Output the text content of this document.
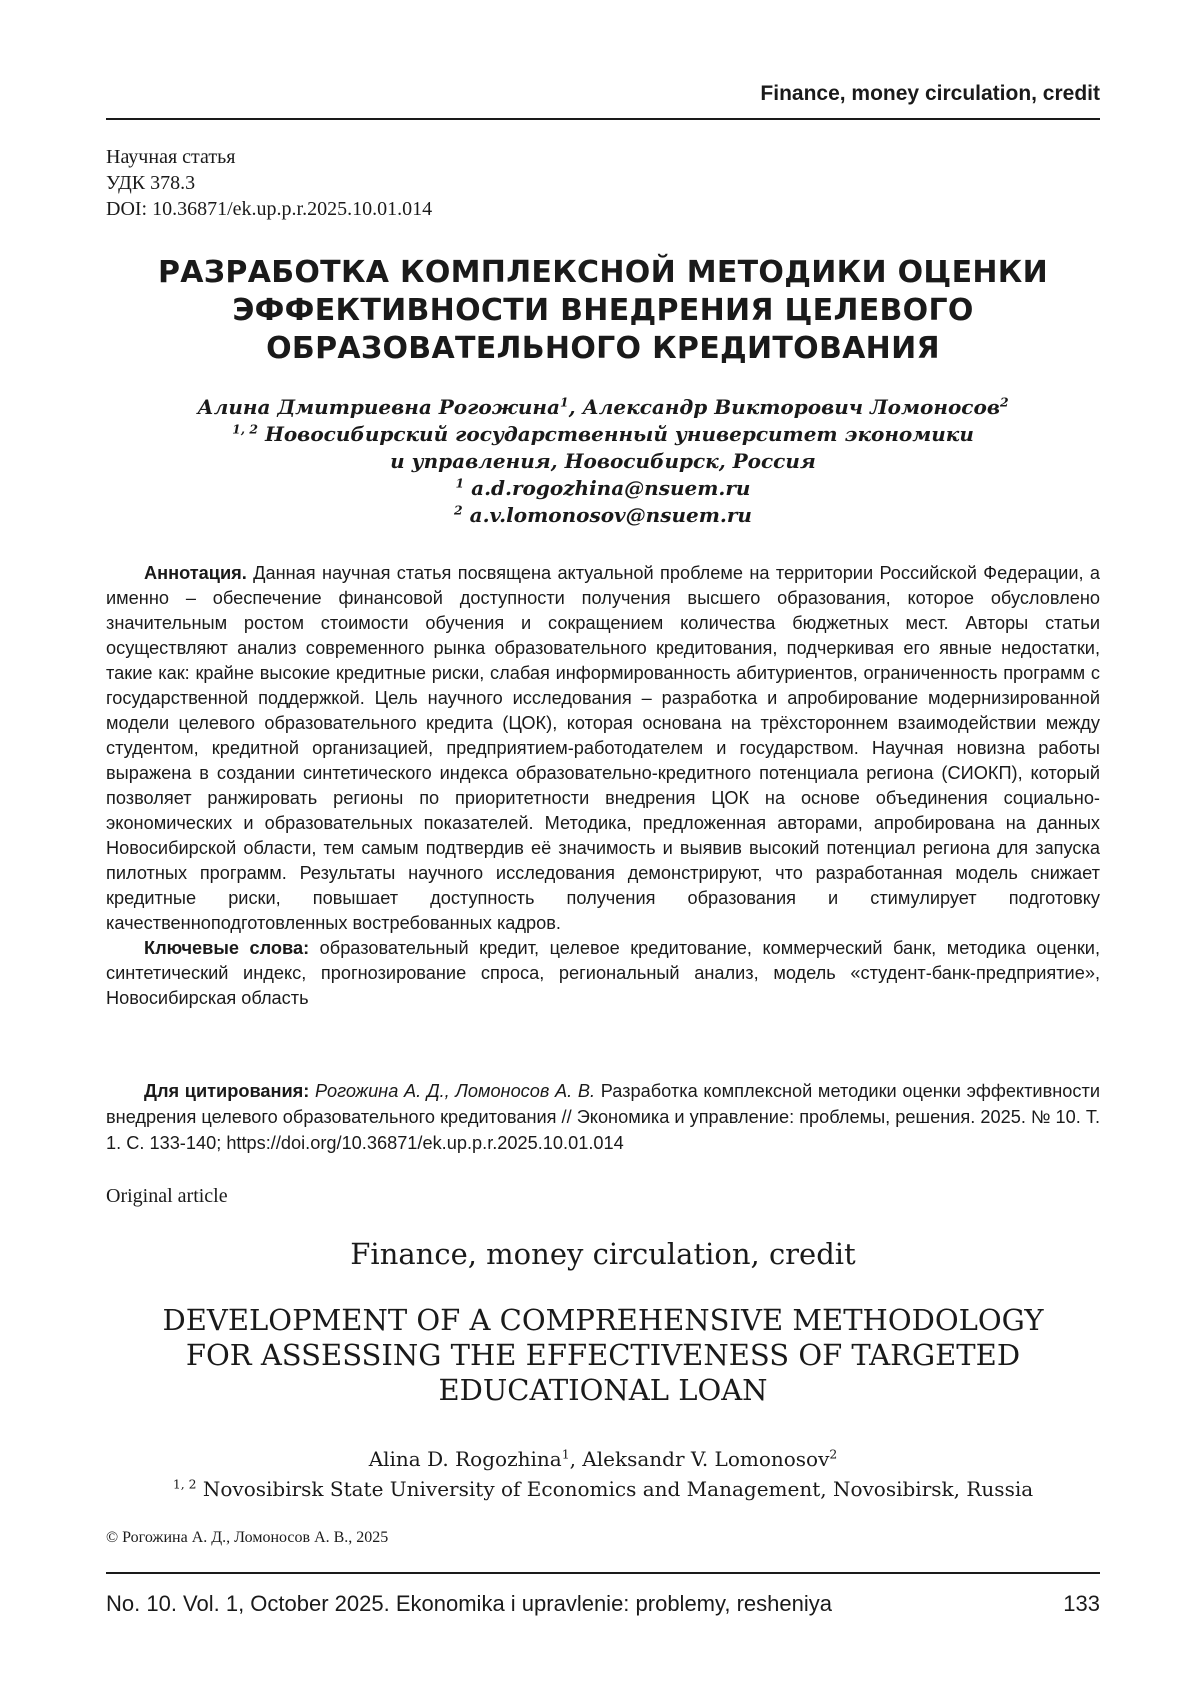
Finance, money circulation, credit
Научная статья
УДК 378.3
DOI: 10.36871/ek.up.p.r.2025.10.01.014
РАЗРАБОТКА КОМПЛЕКСНОЙ МЕТОДИКИ ОЦЕНКИ
ЭФФЕКТИВНОСТИ ВНЕДРЕНИЯ ЦЕЛЕВОГО
ОБРАЗОВАТЕЛЬНОГО КРЕДИТОВАНИЯ
Алина Дмитриевна Рогожина1, Александр Викторович Ломоносов2
1, 2 Новосибирский государственный университет экономики
и управления, Новосибирск, Россия
1 a.d.rogozhina@nsuem.ru
2 a.v.lomonosov@nsuem.ru

Аннотация. Данная научная статья посвящена актуальной проблеме на территории Российской Федерации, а именно – обеспечение финансовой доступности получения высшего образования, которое обусловлено значительным ростом стоимости обучения и сокращением количества бюджетных мест. Авторы статьи осуществляют анализ современного рынка образовательного кредитования, подчеркивая его явные недостатки, такие как: крайне высокие кредитные риски, слабая информированность абитуриентов, ограниченность программ с государственной поддержкой. Цель научного исследования – разработка и апробирование модернизированной модели целевого образовательного кредита (ЦОК), которая основана на трёхстороннем взаимодействии между студентом, кредитной организацией, предприятием-работодателем и государством. Научная новизна работы выражена в создании синтетического индекса образовательно-кредитного потенциала региона (СИОКП), который позволяет ранжировать регионы по приоритетности внедрения ЦОК на основе объединения социально-экономических и образовательных показателей. Методика, предложенная авторами, апробирована на данных Новосибирской области, тем самым подтвердив её значимость и выявив высокий потенциал региона для запуска пилотных программ. Результаты научного исследования демонстрируют, что разработанная модель снижает кредитные риски, повышает доступность получения образования и стимулирует подготовку качественноподготовленных востребованных кадров.

Ключевые слова: образовательный кредит, целевое кредитование, коммерческий банк, методика оценки, синтетический индекс, прогнозирование спроса, региональный анализ, модель «студент-банк-предприятие», Новосибирская область

Для цитирования: Рогожина А. Д., Ломоносов А. В. Разработка комплексной методики оценки эффективности внедрения целевого образовательного кредитования // Экономика и управление: проблемы, решения. 2025. № 10. Т. 1. С. 133-140; https://doi.org/10.36871/ek.up.p.r.2025.10.01.014

Original article
Finance, money circulation, credit
DEVELOPMENT OF A COMPREHENSIVE METHODOLOGY
FOR ASSESSING THE EFFECTIVENESS OF TARGETED
EDUCATIONAL LOAN
Alina D. Rogozhina1, Aleksandr V. Lomonosov2
1, 2 Novosibirsk State University of Economics and Management, Novosibirsk, Russia
© Рогожина А. Д., Ломоносов А. В., 2025
No. 10. Vol. 1, October 2025. Ekonomika i upravlenie: problemy, resheniya	133
